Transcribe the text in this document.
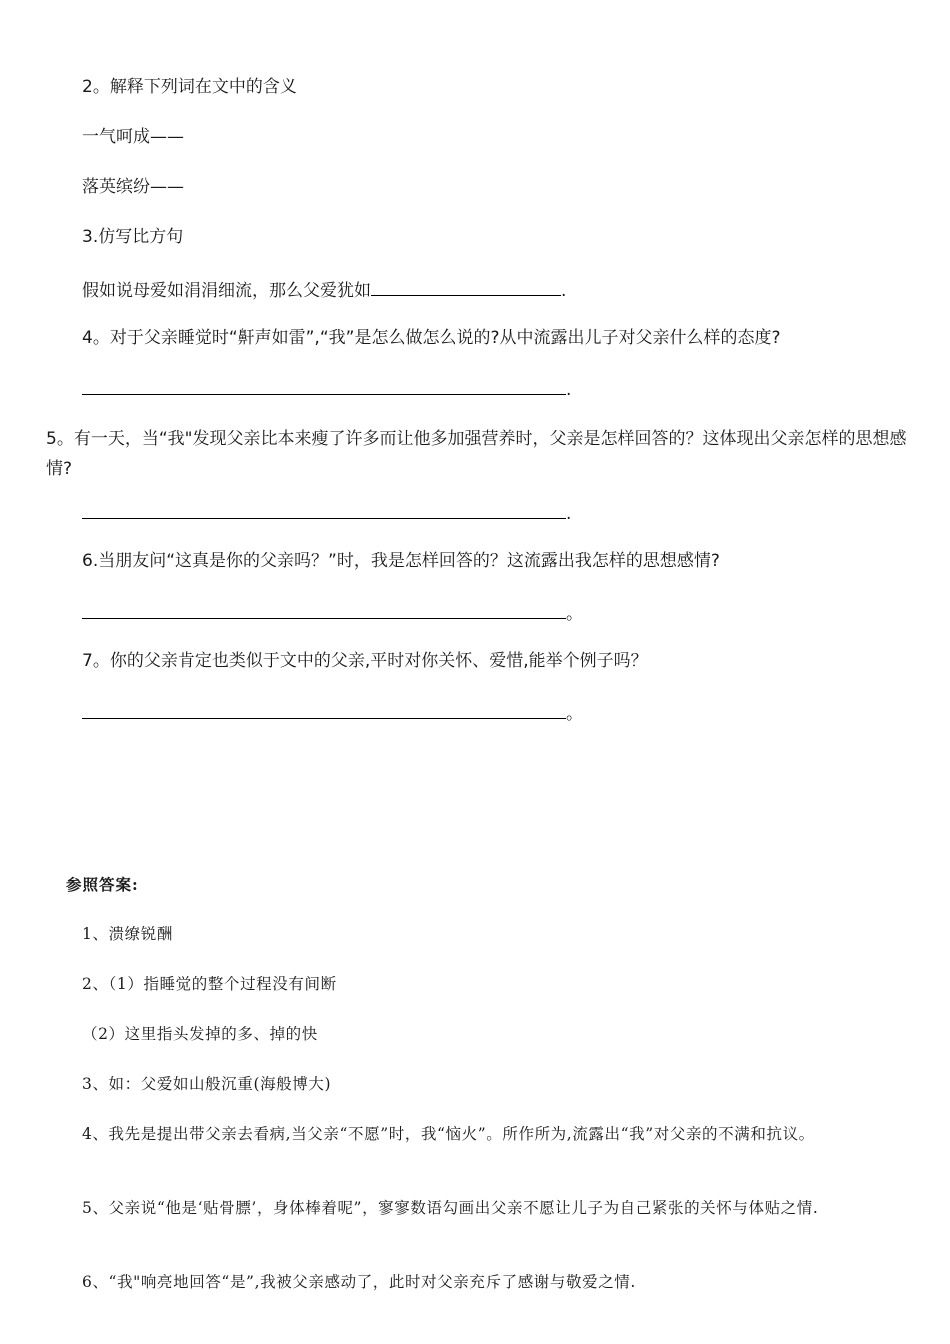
2。解释下列词在文中的含义
一气呵成——
落英缤纷——
3.仿写比方句
假如说母爱如涓涓细流，那么父爱犹如	.
4。对于父亲睡觉时“鼾声如雷”,“我”是怎么做怎么说的?从中流露出儿子对父亲什么样的态度?
.
5。有一天，当“我"发现父亲比本来瘦了许多而让他多加强营养时，父亲是怎样回答的？这体现出父亲怎样的思想感情?
.
6.当朋友问“这真是你的父亲吗？”时，我是怎样回答的？这流露出我怎样的思想感情?
。
7。你的父亲肯定也类似于文中的父亲,平时对你关怀、爱惜,能举个例子吗？
。
参照答案:
1、溃缭锐酬
2、（1）指睡觉的整个过程没有间断
（2）这里指头发掉的多、掉的快
3、如：父爱如山般沉重(海般博大)
4、我先是提出带父亲去看病,当父亲“不愿”时，我“恼火”。所作所为,流露出“我”对父亲的不满和抗议。
5、父亲说“他是‘贴骨膘’，身体棒着呢”，寥寥数语勾画出父亲不愿让儿子为自己紧张的关怀与体贴之情.
6、“我"响亮地回答“是”,我被父亲感动了，此时对父亲充斥了感谢与敬爱之情.
